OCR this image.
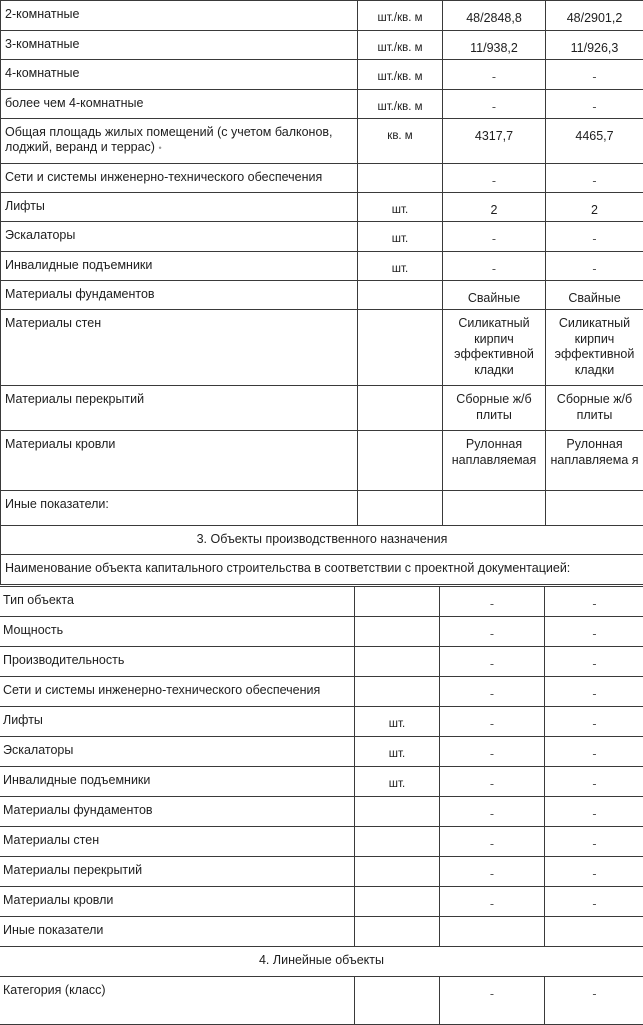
2-комнатные	шт./кв. м	48/2848,8	48/2901,2
3-комнатные	шт./кв. м	11/938,2	11/926,3
4-комнатные	шт./кв. м	-	-
более чем 4-комнатные	шт./кв. м	-	-
Общая площадь жилых помещений (с учетом балконов, лоджий, веранд и террас) •	кв. м	4317,7	4465,7
Сети и системы инженерно-технического обеспечения		-	-
Лифты	шт.	2	2
Эскалаторы	шт.	-	-
Инвалидные подъемники	шт.	-	-
Материалы фундаментов		Свайные	Свайные
Материалы стен		Силикатный кирпич эффективной кладки	Силикатный кирпич эффективной кладки
Материалы перекрытий		Сборные ж/б плиты	Сборные ж/б плиты
Материалы кровли		Рулонная наплавляемая	Рулонная наплавляема я
Иные показатели:			
3. Объекты производственного назначения			
Наименование объекта капитального строительства в соответствии с проектной документацией:			
Тип объекта		-	-
Мощность		-	-
Производительность		-	-
Сети и системы инженерно-технического обеспечения		-	-
Лифты	шт.	-	-
Эскалаторы	шт.	-	-
Инвалидные подъемники	шт.	-	-
Материалы фундаментов		-	-
Материалы стен		-	-
Материалы перекрытий		-	-
Материалы кровли		-	-
Иные показатели			
4. Линейные объекты			
Категория (класс)		-	-
